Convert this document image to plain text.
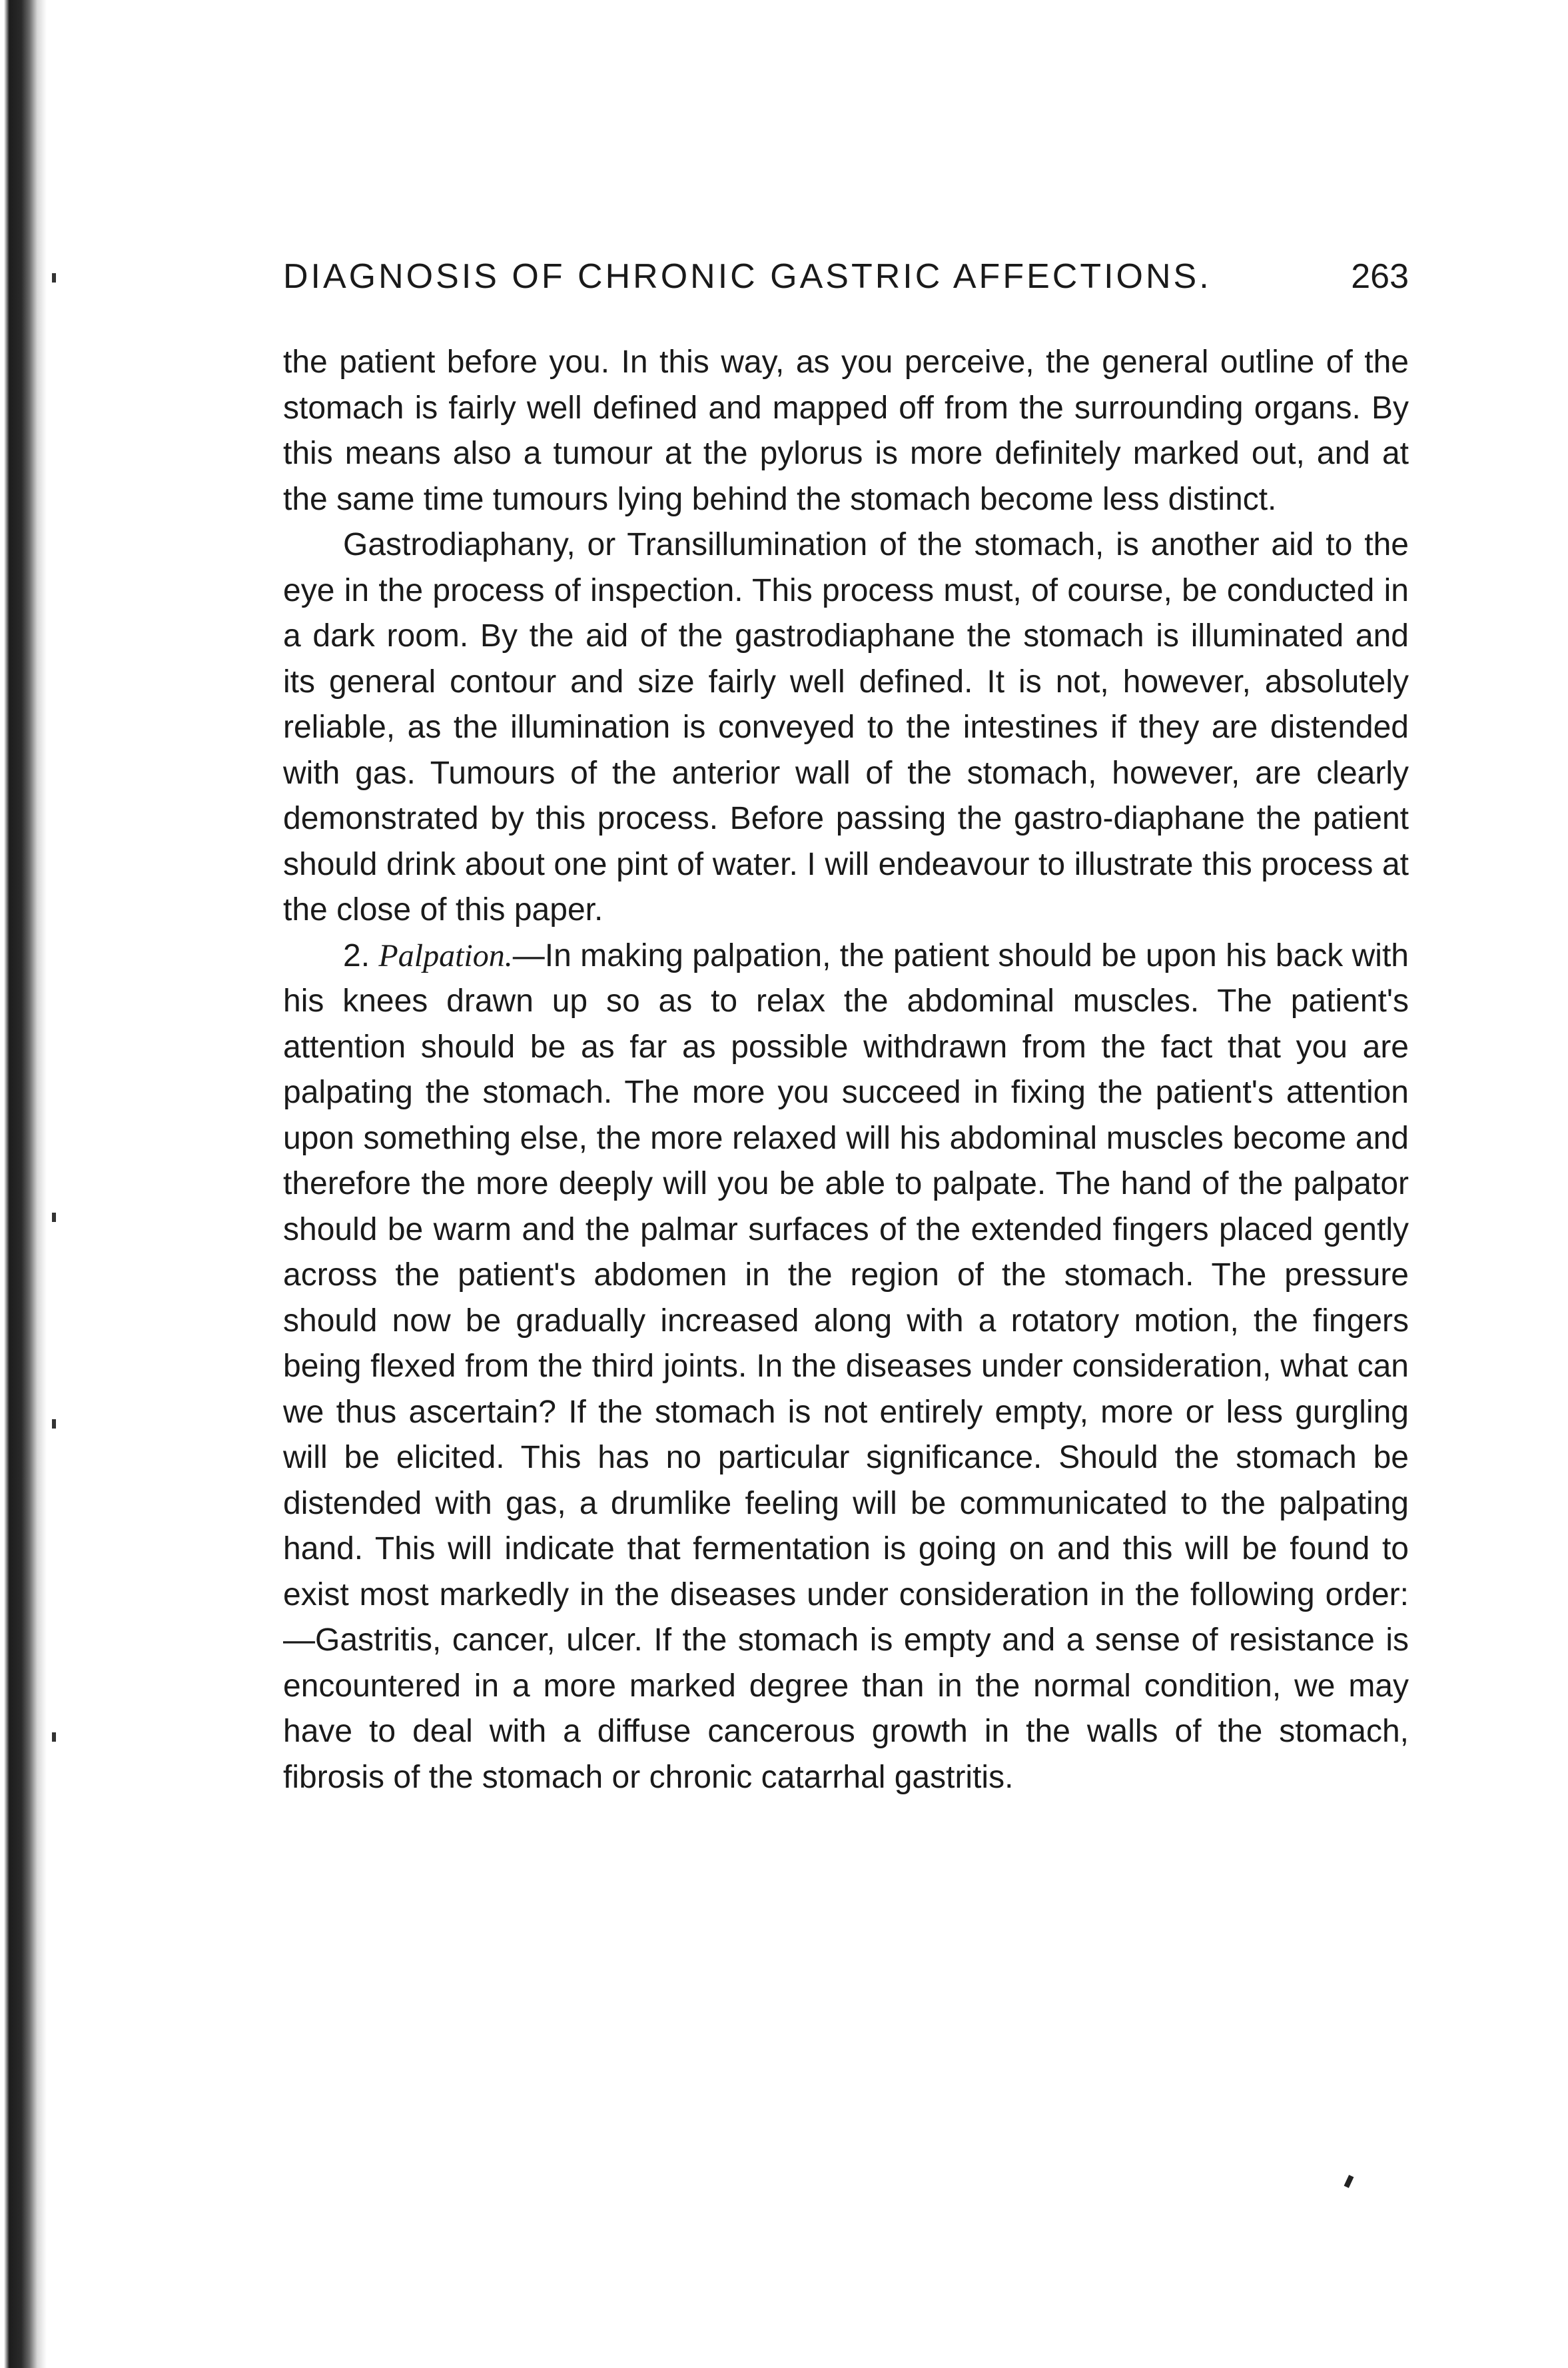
DIAGNOSIS OF CHRONIC GASTRIC AFFECTIONS.	263

the patient before you. In this way, as you perceive, the general outline of the stomach is fairly well defined and mapped off from the surrounding organs. By this means also a tumour at the pylorus is more definitely marked out, and at the same time tumours lying behind the stomach become less distinct.

Gastrodiaphany, or Transillumination of the stomach, is another aid to the eye in the process of inspection. This process must, of course, be conducted in a dark room. By the aid of the gastrodiaphane the stomach is illuminated and its general contour and size fairly well defined. It is not, however, absolutely reliable, as the illumination is conveyed to the intestines if they are distended with gas. Tumours of the anterior wall of the stomach, however, are clearly demonstrated by this process. Before passing the gastro-diaphane the patient should drink about one pint of water. I will endeavour to illustrate this process at the close of this paper.

2. Palpation.—In making palpation, the patient should be upon his back with his knees drawn up so as to relax the abdominal muscles. The patient's attention should be as far as possible withdrawn from the fact that you are palpating the stomach. The more you succeed in fixing the patient's attention upon something else, the more relaxed will his abdominal muscles become and therefore the more deeply will you be able to palpate. The hand of the palpator should be warm and the palmar surfaces of the extended fingers placed gently across the patient's abdomen in the region of the stomach. The pressure should now be gradually increased along with a rotatory motion, the fingers being flexed from the third joints. In the diseases under consideration, what can we thus ascertain? If the stomach is not entirely empty, more or less gurgling will be elicited. This has no particular significance. Should the stomach be distended with gas, a drumlike feeling will be communicated to the palpating hand. This will indicate that fermentation is going on and this will be found to exist most markedly in the diseases under consideration in the following order:—Gastritis, cancer, ulcer. If the stomach is empty and a sense of resistance is encountered in a more marked degree than in the normal condition, we may have to deal with a diffuse cancerous growth in the walls of the stomach, fibrosis of the stomach or chronic catarrhal gastritis.
